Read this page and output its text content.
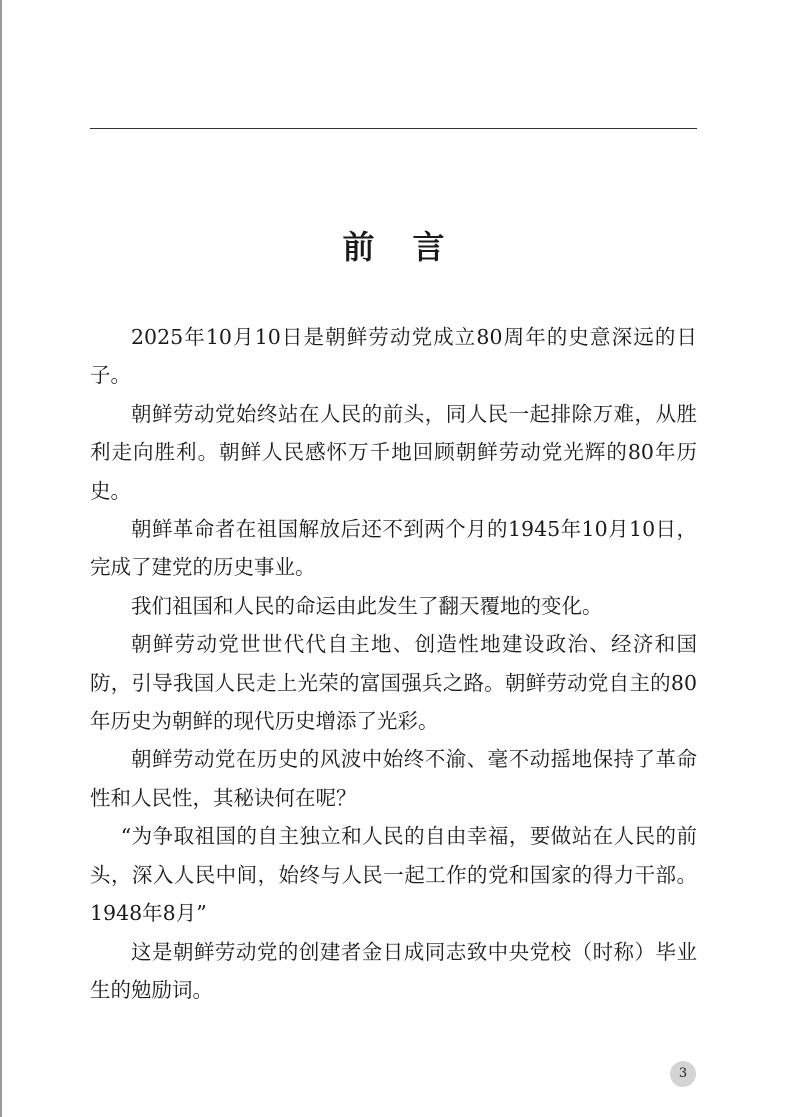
前言

2025年10月10日是朝鲜劳动党成立80周年的史意深远的日子。

朝鲜劳动党始终站在人民的前头，同人民一起排除万难，从胜利走向胜利。朝鲜人民感怀万千地回顾朝鲜劳动党光辉的80年历史。

朝鲜革命者在祖国解放后还不到两个月的1945年10月10日，完成了建党的历史事业。

我们祖国和人民的命运由此发生了翻天覆地的变化。

朝鲜劳动党世世代代自主地、创造性地建设政治、经济和国防，引导我国人民走上光荣的富国强兵之路。朝鲜劳动党自主的80年历史为朝鲜的现代历史增添了光彩。

朝鲜劳动党在历史的风波中始终不渝、毫不动摇地保持了革命性和人民性，其秘诀何在呢？

“为争取祖国的自主独立和人民的自由幸福，要做站在人民的前头，深入人民中间，始终与人民一起工作的党和国家的得力干部。1948年8月”

这是朝鲜劳动党的创建者金日成同志致中央党校（时称）毕业生的勉励词。

3
